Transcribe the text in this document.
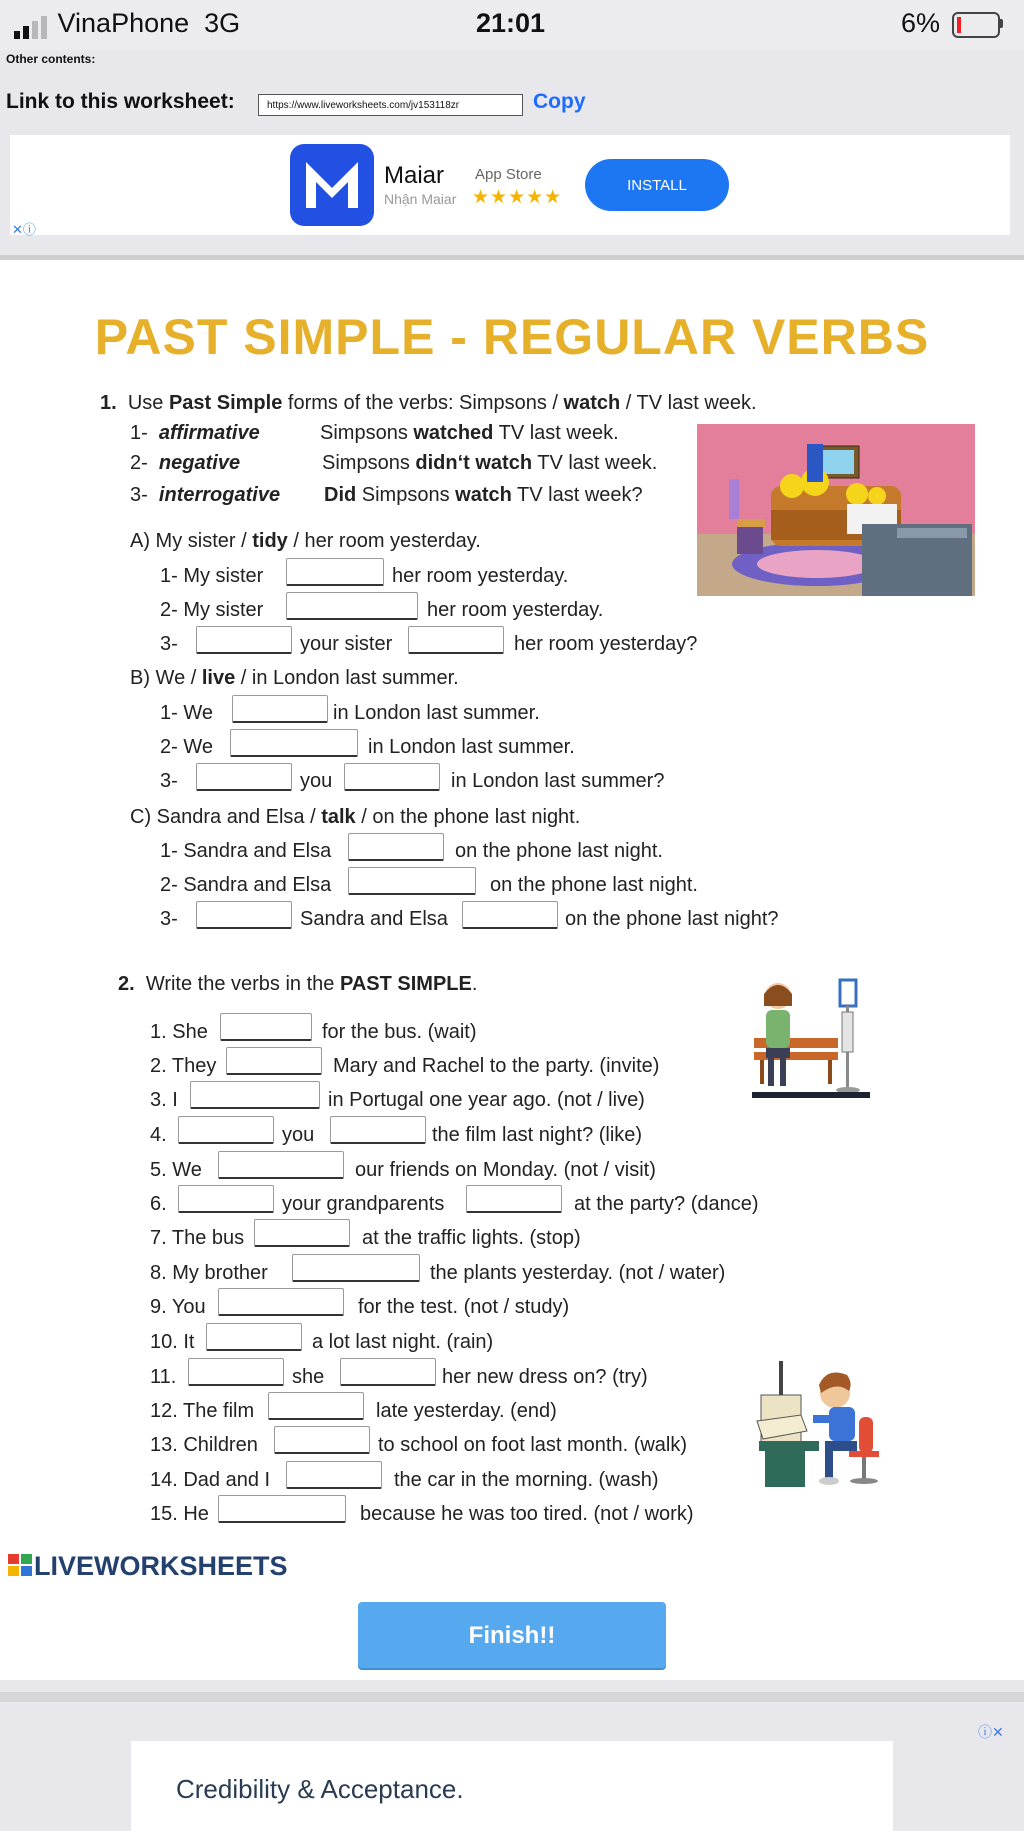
VinaPhone 3G	21:01	6%
Other contents:
Link to this worksheet:	https://www.liveworksheets.com/jv153118zr	Copy
Maiar
Nhận Maiar
App Store
★★★★★
INSTALL
✕ⓘ
PAST SIMPLE - REGULAR VERBS
1. Use Past Simple forms of the verbs: Simpsons / watch / TV last week.
1- affirmative	Simpsons watched TV last week.
2- negative	Simpsons didn‘t watch TV last week.
3- interrogative Did Simpsons watch TV last week?
A) My sister / tidy / her room yesterday.
1- My sister	her room yesterday.
2- My sister	her room yesterday.
3-	your sister	her room yesterday?
B) We / live / in London last summer.
1- We	in London last summer.
2- We	in London last summer.
3-	you	in London last summer?
C) Sandra and Elsa / talk / on the phone last night.
1- Sandra and Elsa	on the phone last night.
2- Sandra and Elsa	on the phone last night.
3-	Sandra and Elsa	on the phone last night?
2. Write the verbs in the PAST SIMPLE.
1. She	for the bus. (wait)
2. They	Mary and Rachel to the party. (invite)
3. I	in Portugal one year ago. (not / live)
4.	you	the film last night? (like)
5. We	our friends on Monday. (not / visit)
6.	your grandparents	at the party? (dance)
7. The bus	at the traffic lights. (stop)
8. My brother	the plants yesterday. (not / water)
9. You	for the test. (not / study)
10. It	a lot last night. (rain)
11.	she	her new dress on? (try)
12. The film	late yesterday. (end)
13. Children	to school on foot last month. (walk)
14. Dad and I	the car in the morning. (wash)
15. He	because he was too tired. (not / work)
LIVEWORKSHEETS
Finish!!
Credibility & Acceptance.
ⓘ✕
